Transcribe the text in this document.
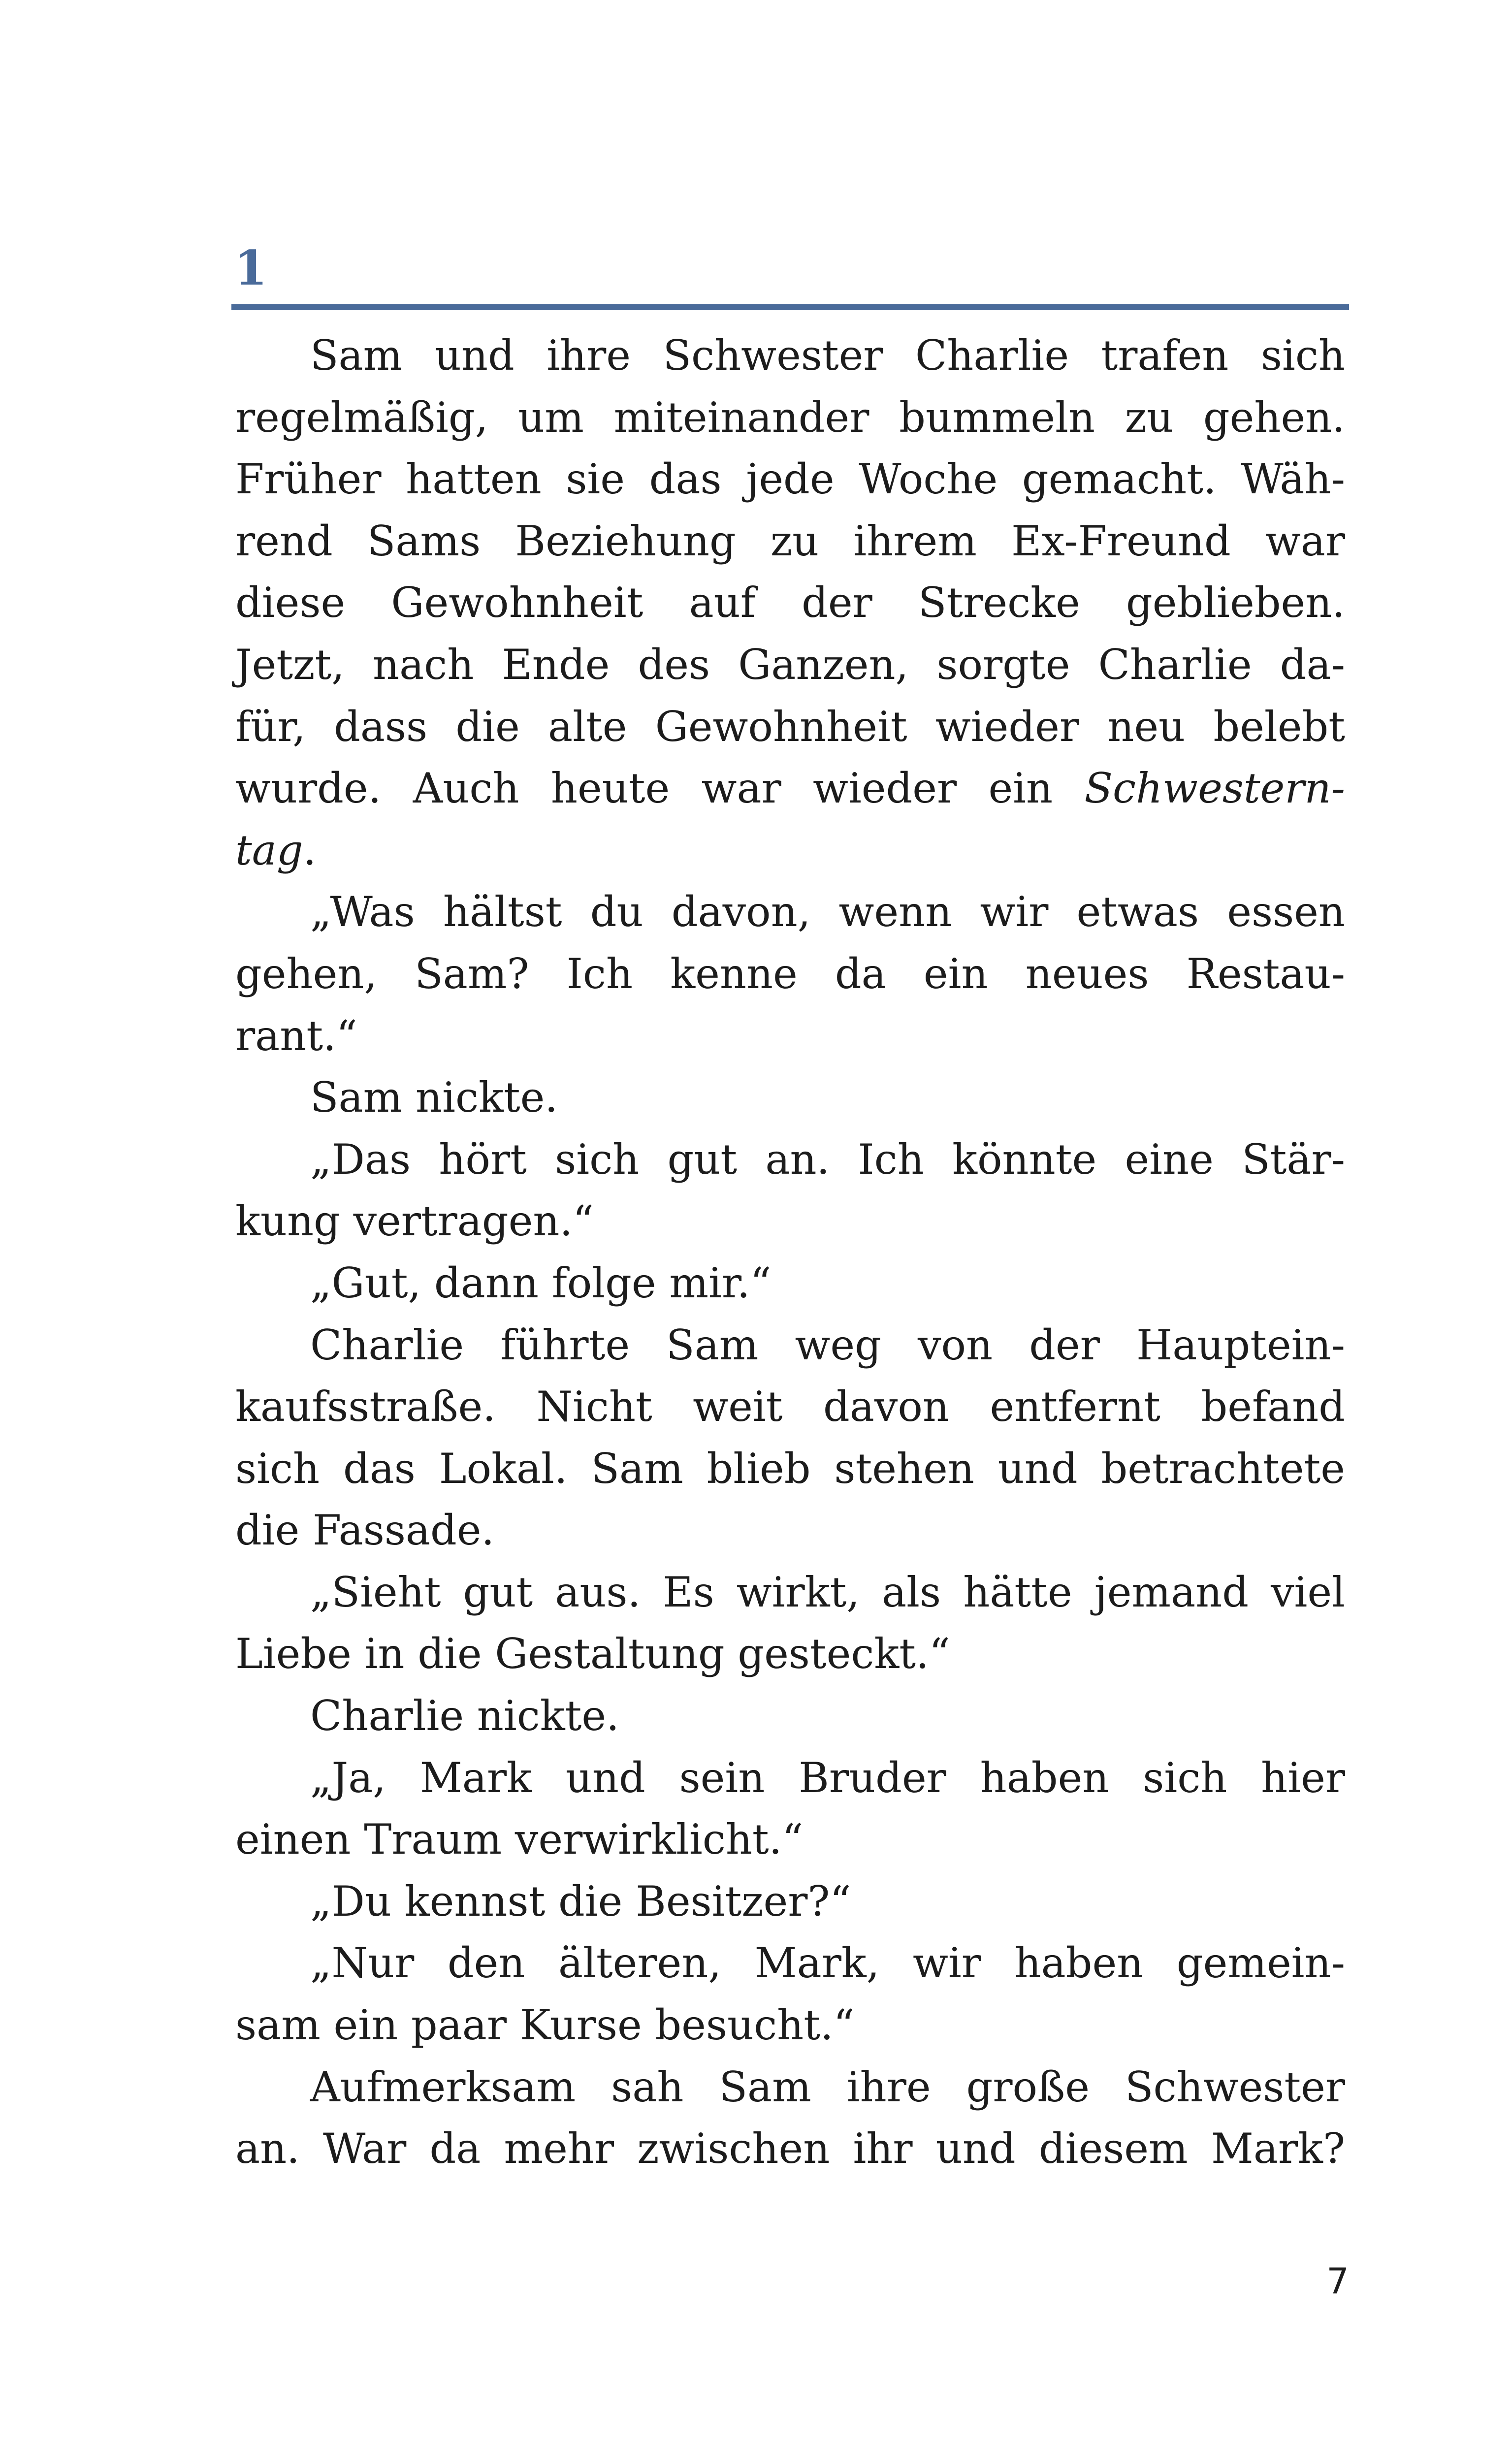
1
Sam und ihre Schwester Charlie trafen sich
regelmäßig, um miteinander bummeln zu gehen.
Früher hatten sie das jede Woche gemacht. Wäh-
rend Sams Beziehung zu ihrem Ex-Freund war
diese Gewohnheit auf der Strecke geblieben.
Jetzt, nach Ende des Ganzen, sorgte Charlie da-
für, dass die alte Gewohnheit wieder neu belebt
wurde. Auch heute war wieder ein Schwestern-
tag.
„Was hältst du davon, wenn wir etwas essen
gehen, Sam? Ich kenne da ein neues Restau-
rant.“
Sam nickte.
„Das hört sich gut an. Ich könnte eine Stär-
kung vertragen.“
„Gut, dann folge mir.“
Charlie führte Sam weg von der Hauptein-
kaufsstraße. Nicht weit davon entfernt befand
sich das Lokal. Sam blieb stehen und betrachtete
die Fassade.
„Sieht gut aus. Es wirkt, als hätte jemand viel
Liebe in die Gestaltung gesteckt.“
Charlie nickte.
„Ja, Mark und sein Bruder haben sich hier
einen Traum verwirklicht.“
„Du kennst die Besitzer?“
„Nur den älteren, Mark, wir haben gemein-
sam ein paar Kurse besucht.“
Aufmerksam sah Sam ihre große Schwester
an. War da mehr zwischen ihr und diesem Mark?
7
